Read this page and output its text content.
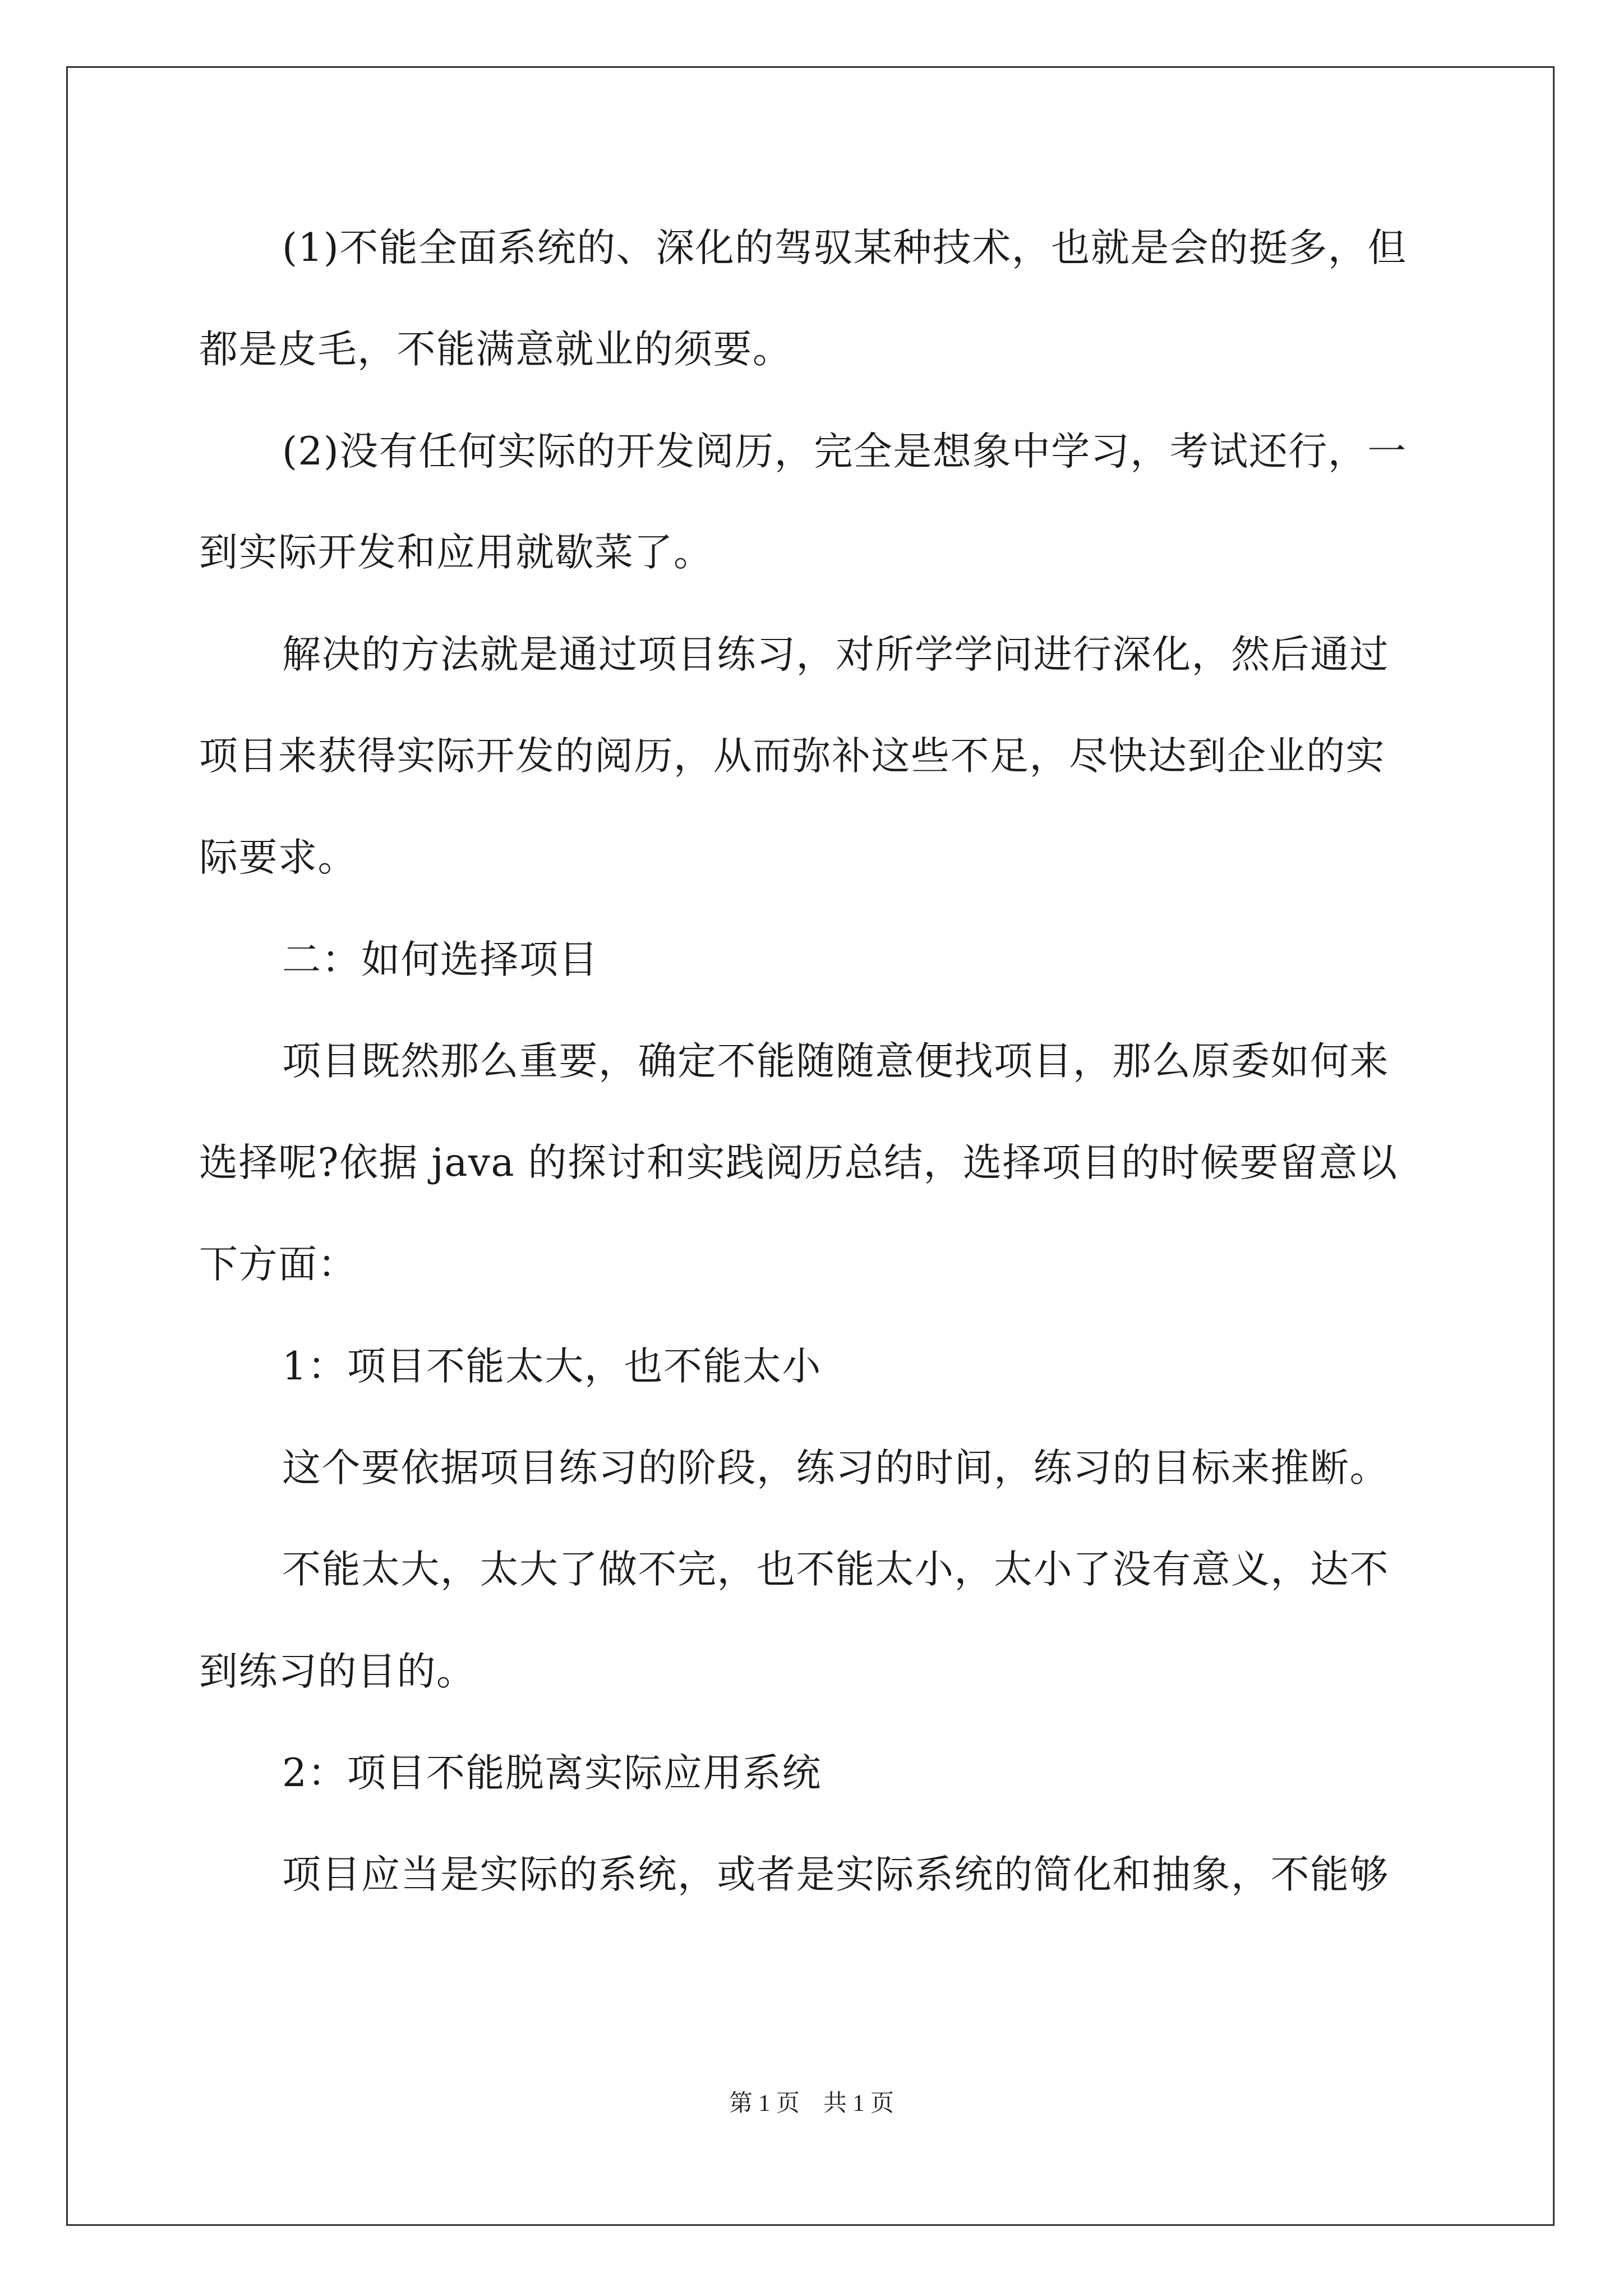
(1)不能全面系统的、深化的驾驭某种技术，也就是会的挺多，但
都是皮毛，不能满意就业的须要。
(2)没有任何实际的开发阅历，完全是想象中学习，考试还行，一
到实际开发和应用就歇菜了。
解决的方法就是通过项目练习，对所学学问进行深化，然后通过
项目来获得实际开发的阅历，从而弥补这些不足，尽快达到企业的实
际要求。
二：如何选择项目
项目既然那么重要，确定不能随随意便找项目，那么原委如何来
选择呢?依据 java 的探讨和实践阅历总结，选择项目的时候要留意以
下方面：
1：项目不能太大，也不能太小
这个要依据项目练习的阶段，练习的时间，练习的目标来推断。
不能太大，太大了做不完，也不能太小，太小了没有意义，达不
到练习的目的。
2：项目不能脱离实际应用系统
项目应当是实际的系统，或者是实际系统的简化和抽象，不能够
第 1 页　共 1 页
